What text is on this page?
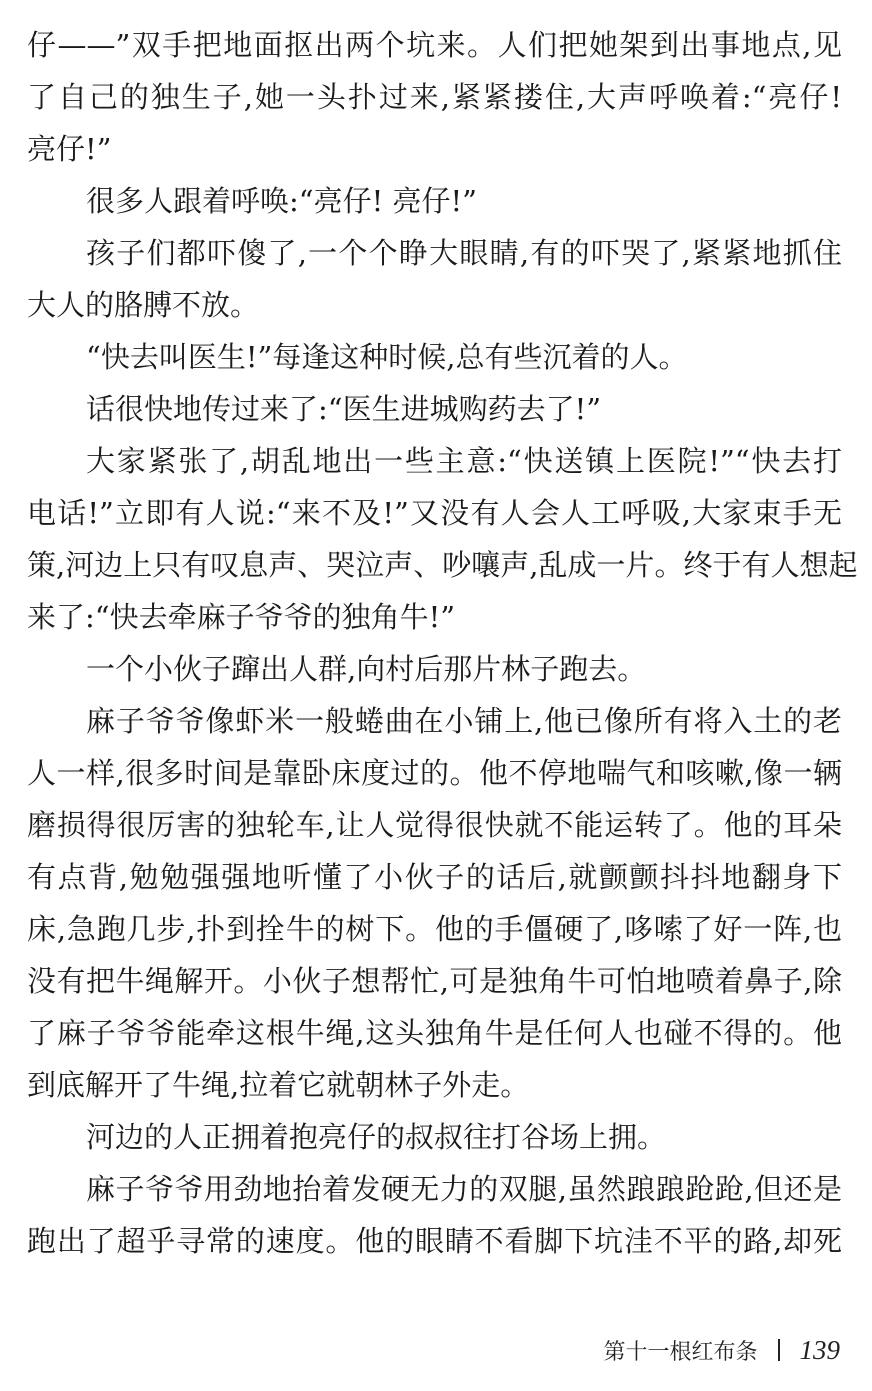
仔——”双手把地面抠出两个坑来。人们把她架到出事地点,见
了自己的独生子,她一头扑过来,紧紧搂住,大声呼唤着:“亮仔!
亮仔!”
很多人跟着呼唤:“亮仔! 亮仔!”
孩子们都吓傻了,一个个睁大眼睛,有的吓哭了,紧紧地抓住
大人的胳膊不放。
“快去叫医生!”每逢这种时候,总有些沉着的人。
话很快地传过来了:“医生进城购药去了!”
大家紧张了,胡乱地出一些主意:“快送镇上医院!”“快去打
电话!”立即有人说:“来不及!”又没有人会人工呼吸,大家束手无
策,河边上只有叹息声、哭泣声、吵嚷声,乱成一片。终于有人想起
来了:“快去牵麻子爷爷的独角牛!”
一个小伙子蹿出人群,向村后那片林子跑去。
麻子爷爷像虾米一般蜷曲在小铺上,他已像所有将入土的老
人一样,很多时间是靠卧床度过的。他不停地喘气和咳嗽,像一辆
磨损得很厉害的独轮车,让人觉得很快就不能运转了。他的耳朵
有点背,勉勉强强地听懂了小伙子的话后,就颤颤抖抖地翻身下
床,急跑几步,扑到拴牛的树下。他的手僵硬了,哆嗦了好一阵,也
没有把牛绳解开。小伙子想帮忙,可是独角牛可怕地喷着鼻子,除
了麻子爷爷能牵这根牛绳,这头独角牛是任何人也碰不得的。他
到底解开了牛绳,拉着它就朝林子外走。
河边的人正拥着抱亮仔的叔叔往打谷场上拥。
麻子爷爷用劲地抬着发硬无力的双腿,虽然踉踉跄跄,但还是
跑出了超乎寻常的速度。他的眼睛不看脚下坑洼不平的路,却死
第十一根红布条 139
